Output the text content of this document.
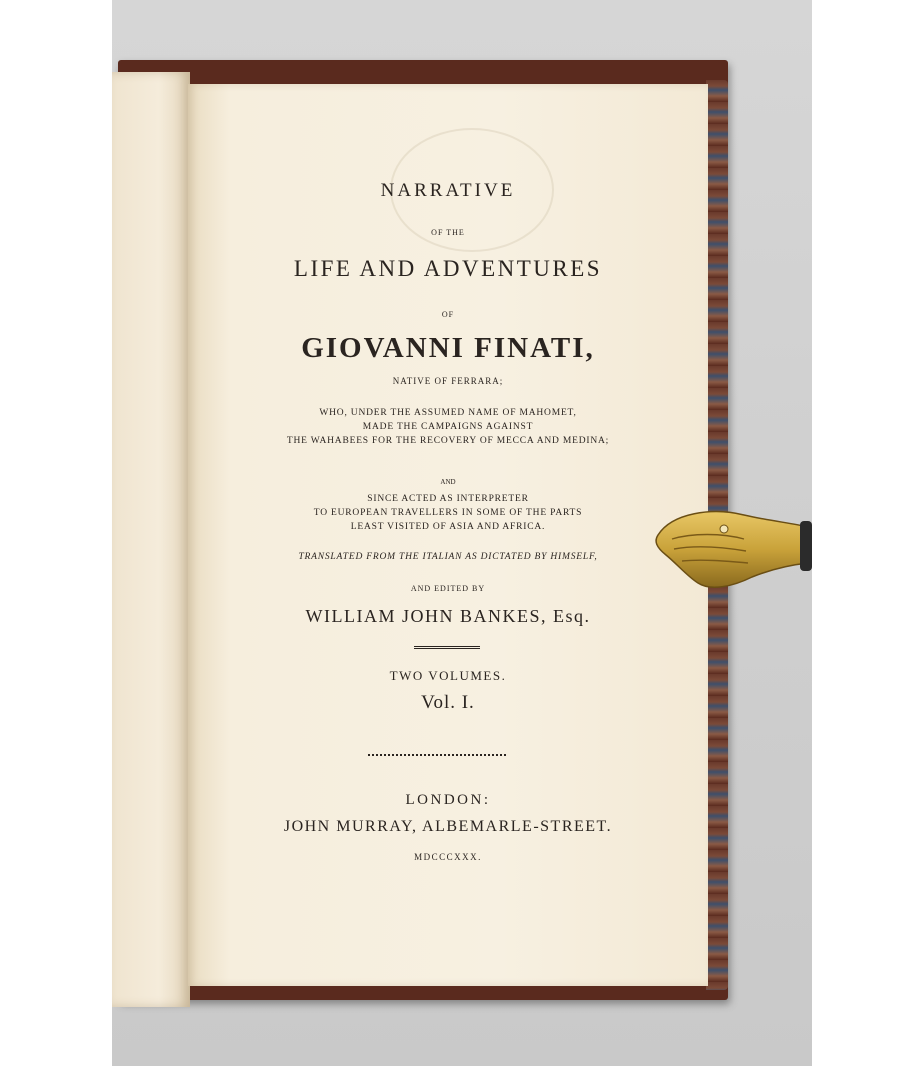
NARRATIVE

OF THE

LIFE AND ADVENTURES

OF

GIOVANNI FINATI,

NATIVE OF FERRARA;

WHO, UNDER THE ASSUMED NAME OF MAHOMET,
MADE THE CAMPAIGNS AGAINST
THE WAHABEES FOR THE RECOVERY OF MECCA AND MEDINA;

AND

SINCE ACTED AS INTERPRETER
TO EUROPEAN TRAVELLERS IN SOME OF THE PARTS
LEAST VISITED OF ASIA AND AFRICA.

TRANSLATED FROM THE ITALIAN AS DICTATED BY HIMSELF,

AND EDITED BY

WILLIAM JOHN BANKES, Esq.

TWO VOLUMES.

Vol. I.

LONDON:

JOHN MURRAY, ALBEMARLE-STREET.

MDCCCXXX.
